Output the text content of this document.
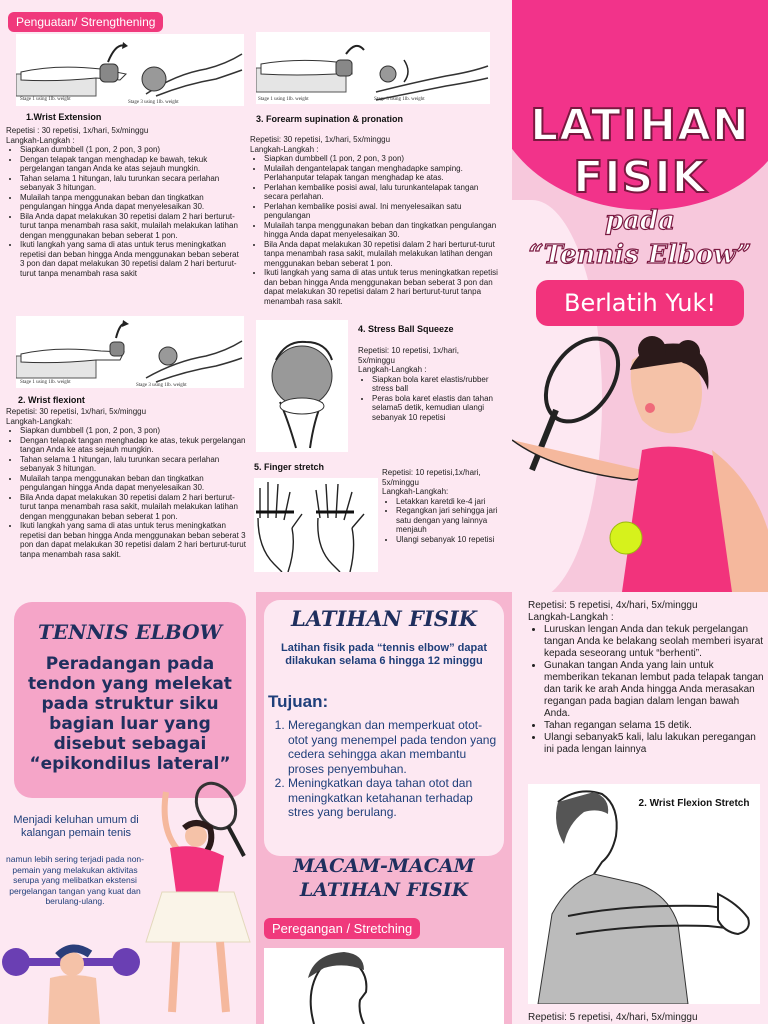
Penguatan/ Strengthening
Stage 1 using 1lb. weight
Stage 3 using 1lb. weight
1.Wrist Extension
Repetisi : 30 repetisi, 1x/hari, 5x/minggu
Langkah-Langkah :
• Siapkan dumbbell (1 pon, 2 pon, 3 pon)
• Dengan telapak tangan menghadap ke bawah, tekuk pergelangan tangan Anda ke atas sejauh mungkin.
• Tahan selama 1 hitungan, lalu turunkan secara perlahan sebanyak 3 hitungan.
• Mulailah tanpa menggunakan beban dan tingkatkan pengulangan hingga Anda dapat menyelesaikan 30.
• Bila Anda dapat melakukan 30 repetisi dalam 2 hari berturut-turut tanpa menambah rasa sakit, mulailah melakukan latihan dengan menggunakan beban seberat 1 pon.
• Ikuti langkah yang sama di atas untuk terus meningkatkan repetisi dan beban hingga Anda menggunakan beban seberat 3 pon dan dapat melakukan 30 repetisi dalam 2 hari berturut-turut tanpa menambah rasa sakit
Stage 1 using 1lb. weight
Stage 3 using 1lb. weight
2. Wrist flexiont
Repetisi: 30 repetisi, 1x/hari, 5x/minggu
Langkah-Langkah:
• Siapkan dumbbell (1 pon, 2 pon, 3 pon)
• Dengan telapak tangan menghadap ke atas, tekuk pergelangan tangan Anda ke atas sejauh mungkin.
• Tahan selama 1 hitungan, lalu turunkan secara perlahan sebanyak 3 hitungan.
• Mulailah tanpa menggunakan beban dan tingkatkan pengulangan hingga Anda dapat menyelesaikan 30.
• Bila Anda dapat melakukan 30 repetisi dalam 2 hari berturut-turut tanpa menambah rasa sakit, mulailah melakukan latihan dengan menggunakan beban seberat 1 pon.
• Ikuti langkah yang sama di atas untuk terus meningkatkan repetisi dan beban hingga Anda menggunakan beban seberat 3 pon dan dapat melakukan 30 repetisi dalam 2 hari berturut-turut tanpa menambah rasa sakit.
Stage 1 using 1lb. weight	Stage 3 using 1lb. weight
3. Forearm supination & pronation
Repetisi: 30 repetisi, 1x/hari, 5x/minggu
Langkah-Langkah :
• Siapkan dumbbell (1 pon, 2 pon, 3 pon)
• Mulailah dengantelapak tangan menghadapke samping. Perlahanputar telapak tangan menghadap ke atas.
• Perlahan kembalike posisi awal, lalu turunkantelapak tangan secara perlahan.
• Perlahan kembalike posisi awal. Ini menyelesaikan satu pengulangan
• Mulailah tanpa menggunakan beban dan tingkatkan pengulangan hingga Anda dapat menyelesaikan 30.
• Bila Anda dapat melakukan 30 repetisi dalam 2 hari berturut-turut tanpa menambah rasa sakit, mulailah melakukan latihan dengan menggunakan beban seberat 1 pon.
• Ikuti langkah yang sama di atas untuk terus meningkatkan repetisi dan beban hingga Anda menggunakan beban seberat 3 pon dan dapat melakukan 30 repetisi dalam 2 hari berturut-turut tanpa menambah rasa sakit.
4. Stress Ball Squeeze
Repetisi: 10 repetisi, 1x/hari, 5x/minggu
Langkah-Langkah :
• Siapkan bola karet elastis/rubber stress ball
• Peras bola karet elastis dan tahan selama5 detik, kemudian ulangi sebanyak 10 repetisi
5. Finger stretch
Repetisi: 10 repetisi,1x/hari, 5x/minggu
Langkah-Langkah:
• Letakkan karetdi ke-4 jari
• Regangkan jari sehingga jari satu dengan yang lainnya menjauh
• Ulangi sebanyak 10 repetisi
LATIHAN
FISIK
pada
“Tennis Elbow”
Berlatih Yuk!
TENNIS ELBOW
Peradangan pada tendon yang melekat pada struktur siku bagian luar yang disebut sebagai “epikondilus lateral”
Menjadi keluhan umum di kalangan pemain tenis
namun lebih sering terjadi pada non-pemain yang melakukan aktivitas serupa yang melibatkan ekstensi pergelangan tangan yang kuat dan berulang-ulang.
LATIHAN FISIK
Latihan fisik pada “tennis elbow” dapat dilakukan selama 6 hingga 12 minggu
Tujuan:
1. Meregangkan dan memperkuat otot-otot yang menempel pada tendon yang cedera sehingga akan membantu proses penyembuhan.
2. Meningkatkan daya tahan otot dan meningkatkan ketahanan terhadap stres yang berulang.
MACAM-MACAM LATIHAN FISIK
Peregangan / Stretching
Repetisi: 5 repetisi, 4x/hari, 5x/minggu
Langkah-Langkah :
• Luruskan lengan Anda dan tekuk pergelangan tangan Anda ke belakang seolah memberi isyarat kepada seseorang untuk “berhenti”.
• Gunakan tangan Anda yang lain untuk memberikan tekanan lembut pada telapak tangan dan tarik ke arah Anda hingga Anda merasakan regangan pada bagian dalam lengan bawah Anda.
• Tahan regangan selama 15 detik.
• Ulangi sebanyak5 kali, lalu lakukan peregangan ini pada lengan lainnya
2. Wrist Flexion Stretch
Repetisi: 5 repetisi, 4x/hari, 5x/minggu
